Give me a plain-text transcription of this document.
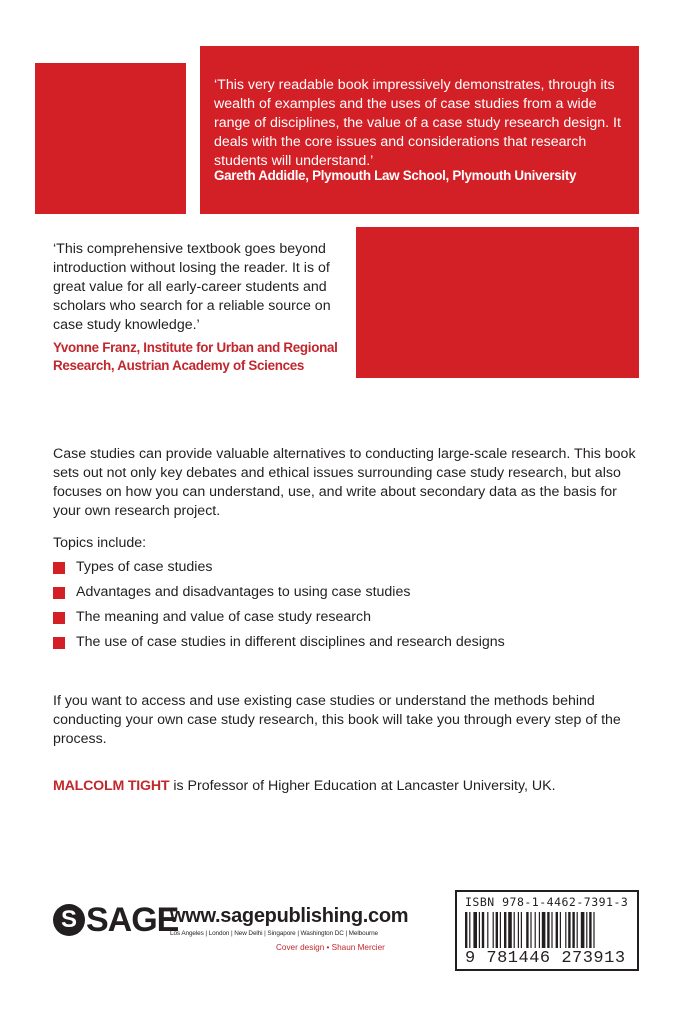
‘This very readable book impressively demonstrates, through its wealth of examples and the uses of case studies from a wide range of disciplines, the value of a case study research design. It deals with the core issues and considerations that research students will understand.’
Gareth Addidle, Plymouth Law School, Plymouth University
‘This comprehensive textbook goes beyond introduction without losing the reader. It is of great value for all early-career students and scholars who search for a reliable source on case study knowledge.’
Yvonne Franz, Institute for Urban and Regional Research, Austrian Academy of Sciences
Case studies can provide valuable alternatives to conducting large-scale research. This book sets out not only key debates and ethical issues surrounding case study research, but also focuses on how you can understand, use, and write about secondary data as the basis for your own research project.
Topics include:
Types of case studies
Advantages and disadvantages to using case studies
The meaning and value of case study research
The use of case studies in different disciplines and research designs
If you want to access and use existing case studies or understand the methods behind conducting your own case study research, this book will take you through every step of the process.
MALCOLM TIGHT is Professor of Higher Education at Lancaster University, UK.
S SAGE
www.sagepublishing.com
Los Angeles | London | New Delhi | Singapore | Washington DC | Melbourne
Cover design • Shaun Mercier
ISBN 978-1-4462-7391-3
9 781446 273913
